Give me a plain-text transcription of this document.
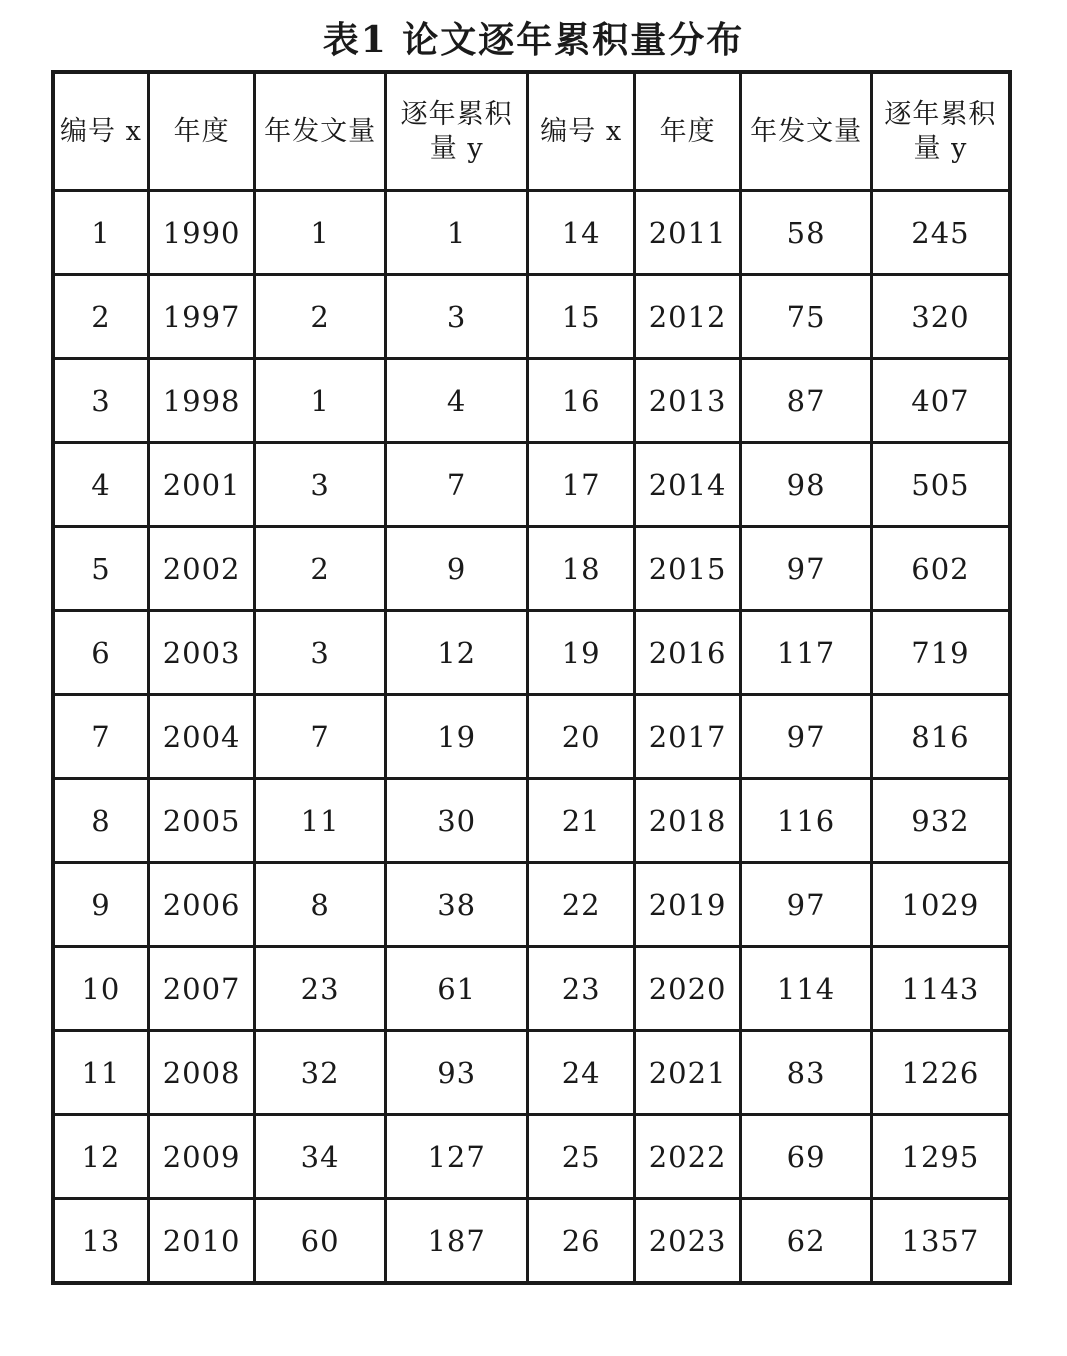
表1 论文逐年累积量分布
编号 x	年度	年发文量	逐年累积量 y	编号 x	年度	年发文量	逐年累积量 y
1	1990	1	1	14	2011	58	245
2	1997	2	3	15	2012	75	320
3	1998	1	4	16	2013	87	407
4	2001	3	7	17	2014	98	505
5	2002	2	9	18	2015	97	602
6	2003	3	12	19	2016	117	719
7	2004	7	19	20	2017	97	816
8	2005	11	30	21	2018	116	932
9	2006	8	38	22	2019	97	1029
10	2007	23	61	23	2020	114	1143
11	2008	32	93	24	2021	83	1226
12	2009	34	127	25	2022	69	1295
13	2010	60	187	26	2023	62	1357
